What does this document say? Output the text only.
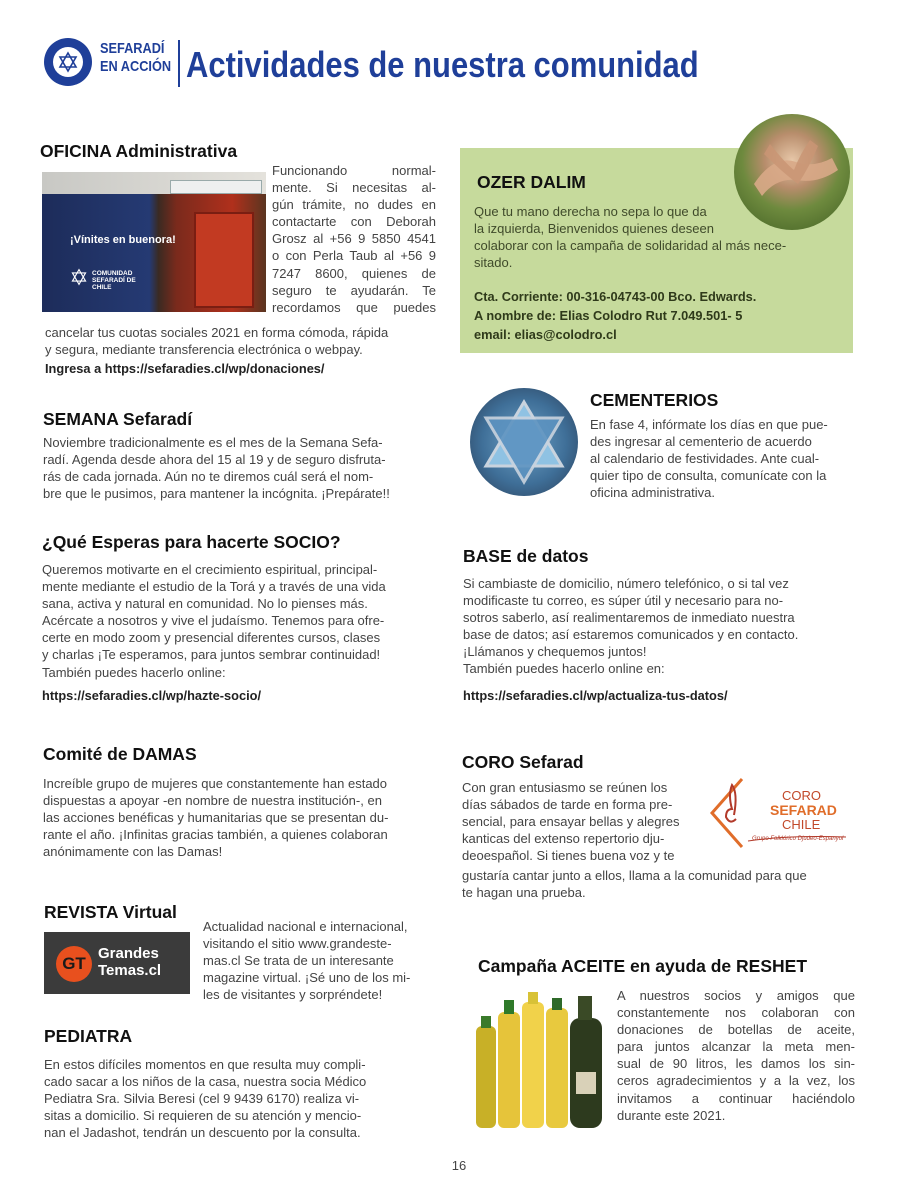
SEFARADÍ
EN ACCIÓN Actividades de nuestra comunidad
OFICINA Administrativa
¡Vínites en buenora!
COMUNIDAD SEFARADÍ DE CHILE
Funcionando normal-
mente. Si necesitas al-
gún trámite, no dudes en
contactarte con Deborah
Grosz al +56 9 5850 4541
o con Perla Taub al +56 9
7247 8600, quienes de
seguro te ayudarán. Te
recordamos que puedes
cancelar tus cuotas sociales 2021 en forma cómoda, rápida
y segura, mediante transferencia electrónica o webpay.
Ingresa a https://sefaradies.cl/wp/donaciones/
OZER DALIM
Que tu mano derecha no sepa lo que da
la izquierda, Bienvenidos quienes deseen
colaborar con la campaña de solidaridad al más nece-
sitado.
Cta. Corriente: 00-316-04743-00 Bco. Edwards.
A nombre de: Elias Colodro Rut 7.049.501- 5
email: elias@colodro.cl
SEMANA Sefaradí
Noviembre tradicionalmente es el mes de la Semana Sefa-
radí. Agenda desde ahora del 15 al 19 y de seguro disfruta-
rás de cada jornada. Aún no te diremos cuál será el nom-
bre que le pusimos, para mantener la incógnita. ¡Prepárate!!
CEMENTERIOS
En fase 4, infórmate los días en que pue-
des ingresar al cementerio de acuerdo
al calendario de festividades. Ante cual-
quier tipo de consulta, comunícate con la
oficina administrativa.
¿Qué Esperas para hacerte SOCIO?
Queremos motivarte en el crecimiento espiritual, principal-
mente mediante el estudio de la Torá y a través de una vida
sana, activa y natural en comunidad. No lo pienses más.
Acércate a nosotros y vive el judaísmo. Tenemos para ofre-
certe en modo zoom y presencial diferentes cursos, clases
y charlas ¡Te esperamos, para juntos sembrar continuidad!
También puedes hacerlo online:
https://sefaradies.cl/wp/hazte-socio/
BASE de datos
Si cambiaste de domicilio, número telefónico, o si tal vez
modificaste tu correo, es súper útil y necesario para no-
sotros saberlo, así realimentaremos de inmediato nuestra
base de datos; así estaremos comunicados y en contacto.
¡Llámanos y chequemos juntos!
También puedes hacerlo online en:
https://sefaradies.cl/wp/actualiza-tus-datos/
Comité de DAMAS
Increíble grupo de mujeres que constantemente han estado
dispuestas a apoyar -en nombre de nuestra institución-, en
las acciones benéficas y humanitarias que se presentan du-
rante el año. ¡Infinitas gracias también, a quienes colaboran
anónimamente con las Damas!
CORO Sefarad
Con gran entusiasmo se reúnen los
días sábados de tarde en forma pre-
sencial, para ensayar bellas y alegres
kanticas del extenso repertorio dju-
deoespañol. Si tienes buena voz y te
CORO
SEFARAD
CHILE
Grupo Folklórico Djudeo-Espanyol
gustaría cantar junto a ellos, llama a la comunidad para que
te hagan una prueba.
REVISTA Virtual
GT
Grandes
Temas.cl
Actualidad nacional e internacional,
visitando el sitio www.grandeste-
mas.cl Se trata de un interesante
magazine virtual. ¡Sé uno de los mi-
les de visitantes y sorpréndete!
Campaña ACEITE en ayuda de RESHET
A nuestros socios y amigos que
constantemente nos colaboran con
donaciones de botellas de aceite,
para juntos alcanzar la meta men-
sual de 90 litros, les damos los sin-
ceros agradecimientos y a la vez, los
invitamos a continuar haciéndolo
durante este 2021.
PEDIATRA
En estos difíciles momentos en que resulta muy compli-
cado sacar a los niños de la casa, nuestra socia Médico
Pediatra Sra. Silvia Beresi (cel 9 9439 6170) realiza vi-
sitas a domicilio. Si requieren de su atención y mencio-
nan el Jadashot, tendrán un descuento por la consulta.
16
